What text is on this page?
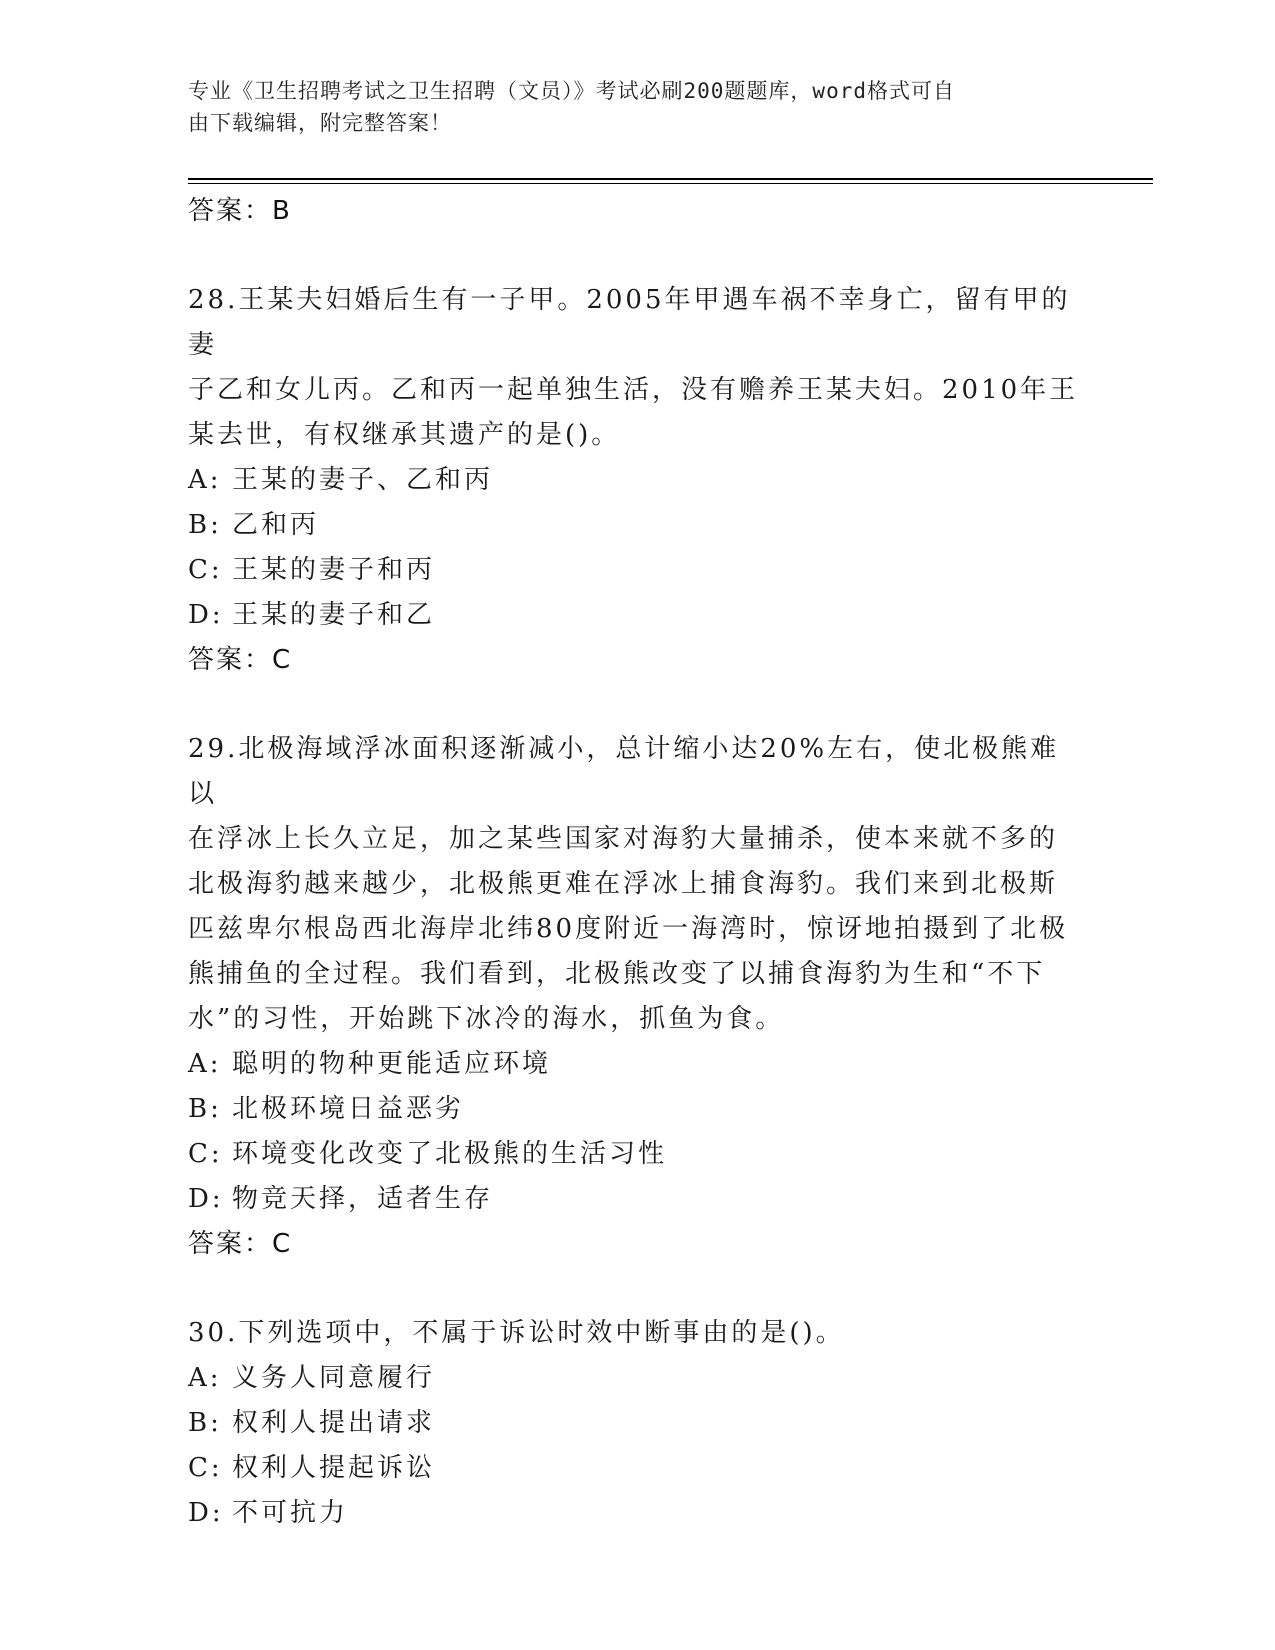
专业《卫生招聘考试之卫生招聘（文员）》考试必刷200题题库，word格式可自
由下载编辑，附完整答案！
答案：B

28.王某夫妇婚后生有一子甲。2005年甲遇车祸不幸身亡，留有甲的妻

子乙和女儿丙。乙和丙一起单独生活，没有赡养王某夫妇。2010年王

某去世，有权继承其遗产的是()。

A: 王某的妻子、乙和丙
B: 乙和丙
C: 王某的妻子和丙
D: 王某的妻子和乙
答案：C

29.北极海域浮冰面积逐渐减小，总计缩小达20%左右，使北极熊难以

在浮冰上长久立足，加之某些国家对海豹大量捕杀，使本来就不多的

北极海豹越来越少，北极熊更难在浮冰上捕食海豹。我们来到北极斯

匹兹卑尔根岛西北海岸北纬80度附近一海湾时，惊讶地拍摄到了北极

熊捕鱼的全过程。我们看到，北极熊改变了以捕食海豹为生和“不下

水”的习性，开始跳下冰冷的海水，抓鱼为食。

A: 聪明的物种更能适应环境
B: 北极环境日益恶劣
C: 环境变化改变了北极熊的生活习性
D: 物竞天择，适者生存
答案：C

30.下列选项中，不属于诉讼时效中断事由的是()。

A: 义务人同意履行
B: 权利人提出请求
C: 权利人提起诉讼
D: 不可抗力
